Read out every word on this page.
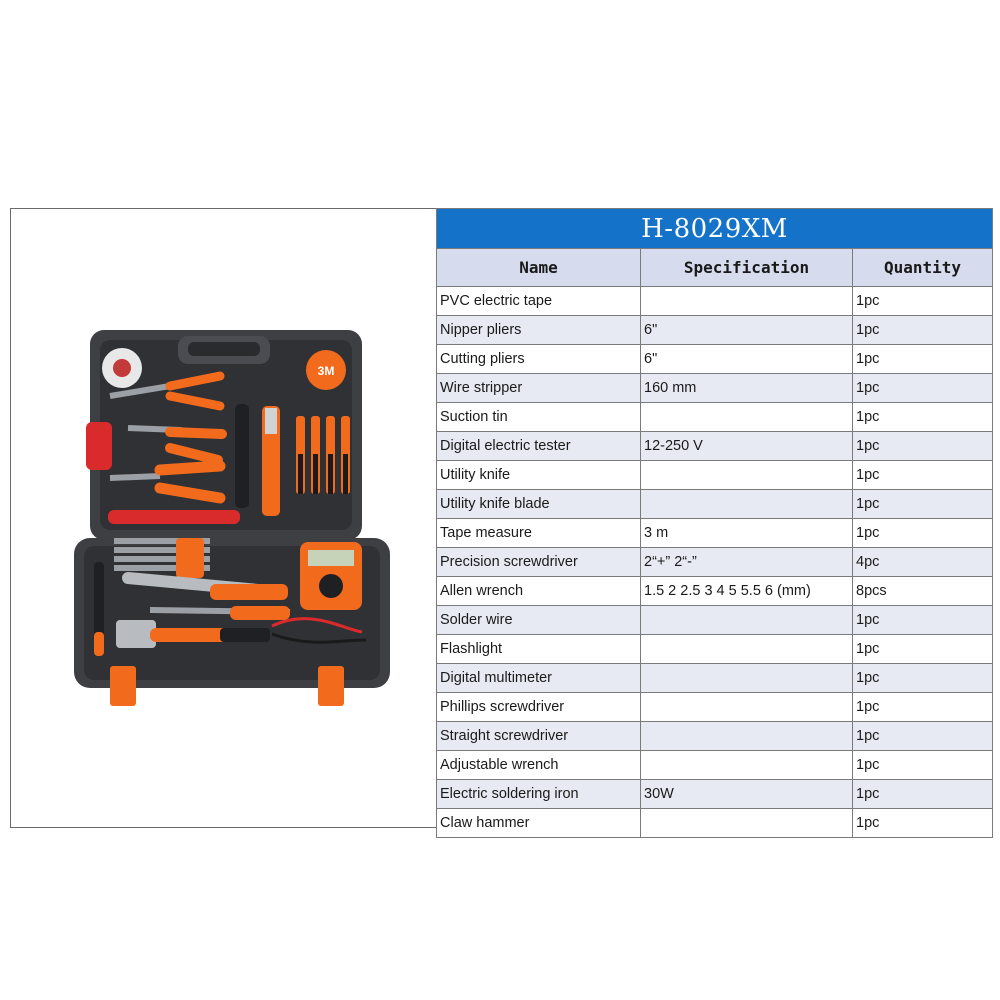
3M
H-8029XM		
Name	Specification	Quantity
PVC electric tape		1pc
Nipper pliers	6"	1pc
Cutting pliers	6"	1pc
Wire stripper	160 mm	1pc
Suction tin		1pc
Digital electric tester	12-250 V	1pc
Utility knife		1pc
Utility knife blade		1pc
Tape measure	3 m	1pc
Precision screwdriver	2“+” 2“-”	4pc
Allen wrench	1.5 2 2.5 3 4 5 5.5 6 (mm)	8pcs
Solder wire		1pc
Flashlight		1pc
Digital multimeter		1pc
Phillips screwdriver		1pc
Straight screwdriver		1pc
Adjustable wrench		1pc
Electric soldering iron	30W	1pc
Claw hammer		1pc
